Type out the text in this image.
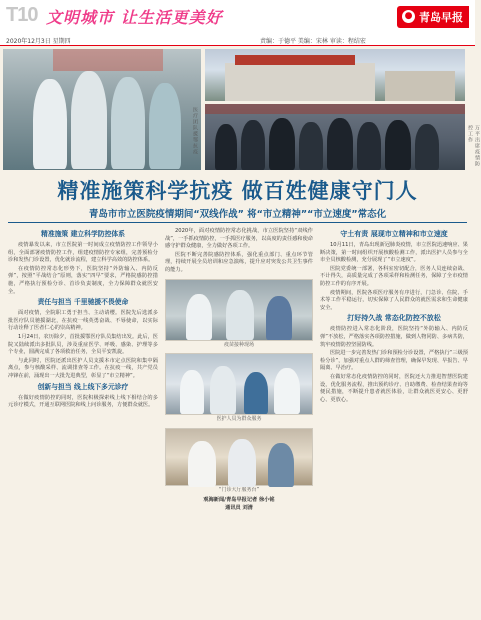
T10 文明城市 让生活更美好	● 青岛早报
2020年12月3日 星期四	责编：于德平 美编：宋林 审读：程结宏
医疗团队援鄂抗疫	万平出席疫情防控工作
精准施策科学抗疫 做百姓健康守门人
青岛市市立医院疫情期间“双线作战” 将“市立精神”“市立速度”常态化
精准施策 建立科学防控体系

疫情暴发以来，市立医院第一时间成立疫情防控工作领导小组，全面部署疫情防控工作，组建疫情防控专家组，完善预检分诊和发热门诊设置，优化就诊流程，建立科学高效的防控体系。

在疫情防控常态化形势下，医院坚持“外防输入、内防反弹”，按照“平战结合”原则，落实“四早”要求，严格院感防控措施，严格执行预检分诊、首诊负责制度，全力保障群众就医安全。

责任与担当 千里驰援不畏使命

面对疫情，全院职工勇于担当、主动请缨。医院先后选派多批医疗队员驰援湖北，在抗疫一线英勇奋战、不辱使命，以实际行动诠释了医者仁心的崇高精神。

1月24日，农历除夕，首批援鄂医疗队员集结出发。此后，医院又陆续派出多批队员，涉及重症医学、呼吸、感染、护理等多个专业，圆满完成了各项救治任务，全员平安凯旋。

与此同时，医院还派出医护人员支援本市定点医院和集中隔离点，参与核酸采样、流调排查等工作。在抗疫一线，共产党员冲锋在前，涌现出一大批先进典型，彰显了“市立精神”。

创新与担当 线上线下多元诊疗

在做好疫情防控的同时，医院积极探索线上线下相结合的多元诊疗模式，开通互联网医院和线上问诊服务，方便群众就医。

2020年，面对疫情防控常态化挑战，市立医院坚持“双线作战”，一手抓疫情防控，一手抓医疗服务，以高度的责任感和使命感守护群众健康，全力做好各项工作。

医院不断完善院感防控体系，强化重点部门、重点环节管理，持续开展全员培训和应急演练，提升应对突发公共卫生事件的能力。

疫苗接种现场
医护人员为群众服务
“门诊大厅服务台”
观海新闻/青岛早报记者 徐小铭
通讯员 刘清
守土有责 展现市立精神和市立速度

10月11日，青岛出现新冠肺炎疫情，市立医院迅速响应、果断决策，第一时间组织开展核酸检测工作，派出医护人员参与全市全员核酸检测，充分展现了“市立速度”。

医院党委统一部署，各科室密切配合，医务人员连续奋战、不计得失，高质量完成了各项采样和检测任务，保障了全市疫情防控工作的有序开展。

疫情期间，医院各项医疗服务有序进行，门急诊、住院、手术等工作平稳运行，切实保障了人民群众的就医需求和生命健康安全。

打好持久战 常态化防控不放松

疫情防控进入常态化阶段，医院坚持“外防输入、内防反弹”不放松，严格落实各项防控措施，做到人物同防、多病共防，筑牢疫情防控坚固防线。

医院进一步完善发热门诊和预检分诊设置，严格执行“三级预检分诊”，加强对重点人群的筛查管理，确保早发现、早报告、早隔离、早治疗。

在做好常态化疫情防控的同时，医院还大力推进智慧医院建设，优化服务流程，推出预约诊疗、自助缴费、检查结果查询等便民措施，不断提升患者就医体验，让群众就医更安心、更舒心、更放心。
